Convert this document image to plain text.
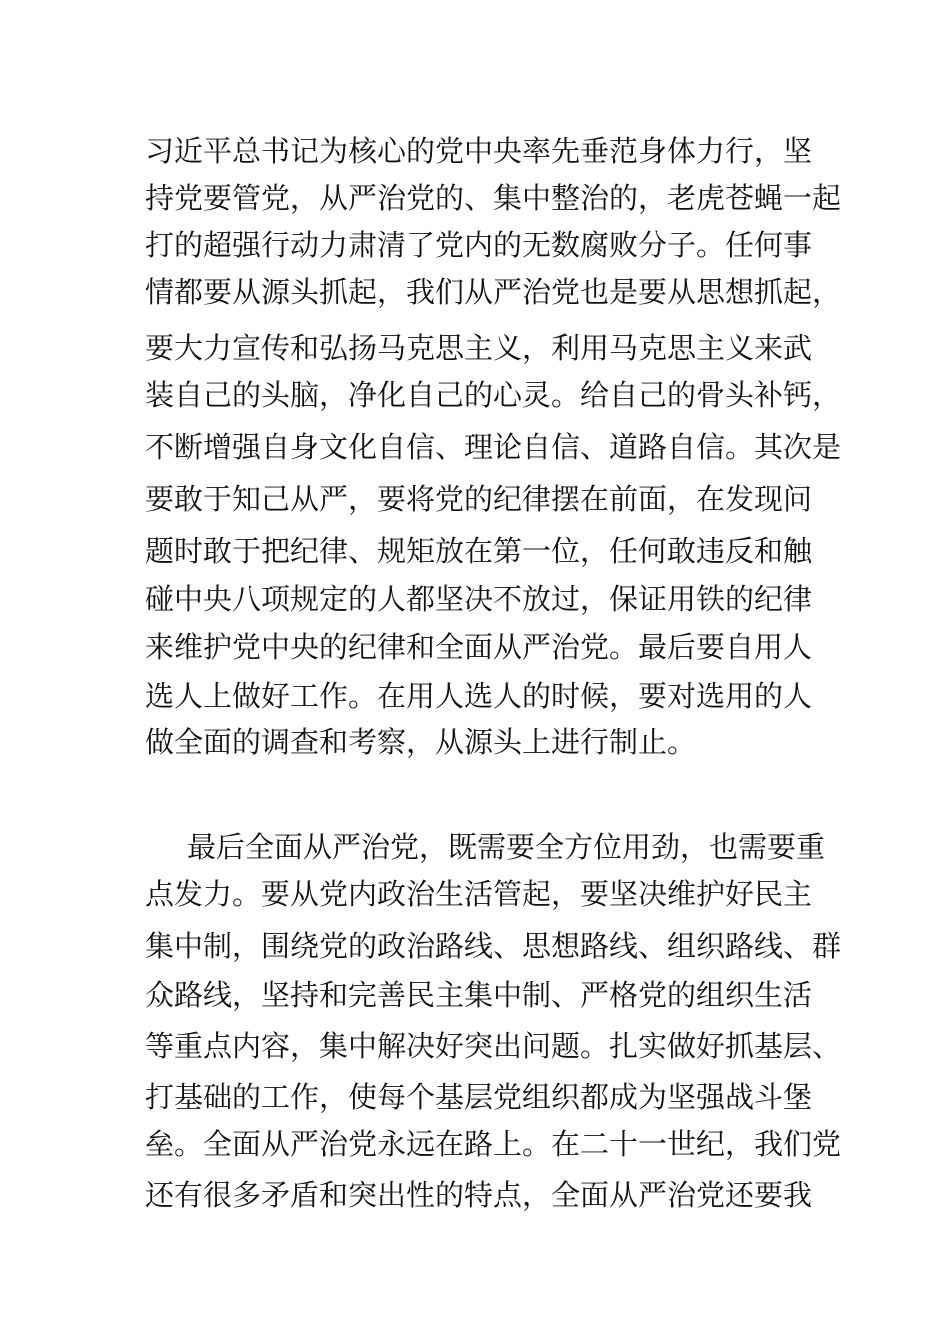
习近平总书记为核心的党中央率先垂范身体力行，坚
持党要管党，从严治党的、集中整治的，老虎苍蝇一起
打的超强行动力肃清了党内的无数腐败分子。任何事
情都要从源头抓起，我们从严治党也是要从思想抓起，
要大力宣传和弘扬马克思主义，利用马克思主义来武
装自己的头脑，净化自己的心灵。给自己的骨头补钙，
不断增强自身文化自信、理论自信、道路自信。其次是
要敢于知己从严，要将党的纪律摆在前面，在发现问
题时敢于把纪律、规矩放在第一位，任何敢违反和触
碰中央八项规定的人都坚决不放过，保证用铁的纪律
来维护党中央的纪律和全面从严治党。最后要自用人
选人上做好工作。在用人选人的时候，要对选用的人
做全面的调查和考察，从源头上进行制止。
最后全面从严治党，既需要全方位用劲，也需要重
点发力。要从党内政治生活管起，要坚决维护好民主
集中制，围绕党的政治路线、思想路线、组织路线、群
众路线，坚持和完善民主集中制、严格党的组织生活
等重点内容，集中解决好突出问题。扎实做好抓基层、
打基础的工作，使每个基层党组织都成为坚强战斗堡
垒。全面从严治党永远在路上。在二十一世纪，我们党
还有很多矛盾和突出性的特点，全面从严治党还要我
